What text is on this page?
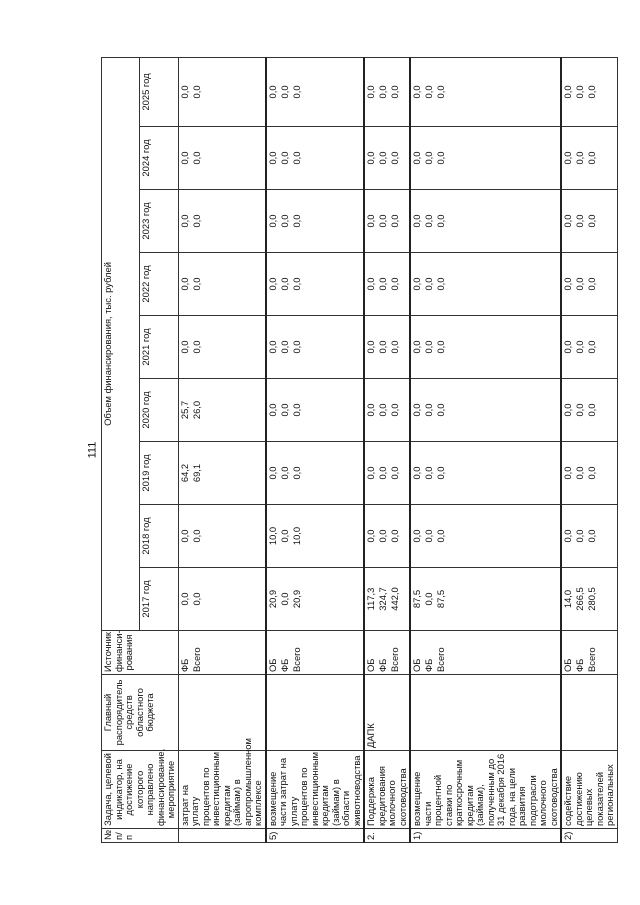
111
№ п/п	Задача, целевой индикатор, на достижение которого направлено финансирование, мероприятие	Главный распорядитель средств областного бюджета	Источник финанси-рования	Объем финансирования, тыс. рублей								
				2017 год	2018 год	2019 год	2020 год	2021 год	2022 год	2023 год	2024 год	2025 год
	затрат на уплату процентов по инвестиционным кредитам (займам) в агропромышленном комплексе		ФБ Всего	0,0 0,0	0,0 0,0	64,2 69,1	25,7 26,0	0,0 0,0	0,0 0,0	0,0 0,0	0,0 0,0	0,0 0,0

5)	возмещение части затрат на уплату процентов по инвестиционным кредитам (займам) в области животноводства		ОБ ФБ Всего	20,9 0,0 20,9	10,0 0,0 10,0	0,0 0,0 0,0	0,0 0,0 0,0	0,0 0,0 0,0	0,0 0,0 0,0	0,0 0,0 0,0	0,0 0,0 0,0	0,0 0,0 0,0

2.	Поддержка кредитования молочного скотоводства	ДАПК	ОБ ФБ Всего	117,3 324,7 442,0	0,0 0,0 0,0	0,0 0,0 0,0	0,0 0,0 0,0	0,0 0,0 0,0	0,0 0,0 0,0	0,0 0,0 0,0	0,0 0,0 0,0	0,0 0,0 0,0

1)	возмещение части процентной ставки по краткосрочным кредитам (займам), полученным до 31 декабря 2016 года, на цели развития подотрасли молочного скотоводства		ОБ ФБ Всего	87,5 0,0 87,5	0,0 0,0 0,0	0,0 0,0 0,0	0,0 0,0 0,0	0,0 0,0 0,0	0,0 0,0 0,0	0,0 0,0 0,0	0,0 0,0 0,0	0,0 0,0 0,0

2)	содействие достижению целевых показателей региональных		ОБ ФБ Всего	14,0 266,5 280,5	0,0 0,0 0,0	0,0 0,0 0,0	0,0 0,0 0,0	0,0 0,0 0,0	0,0 0,0 0,0	0,0 0,0 0,0	0,0 0,0 0,0	0,0 0,0 0,0
